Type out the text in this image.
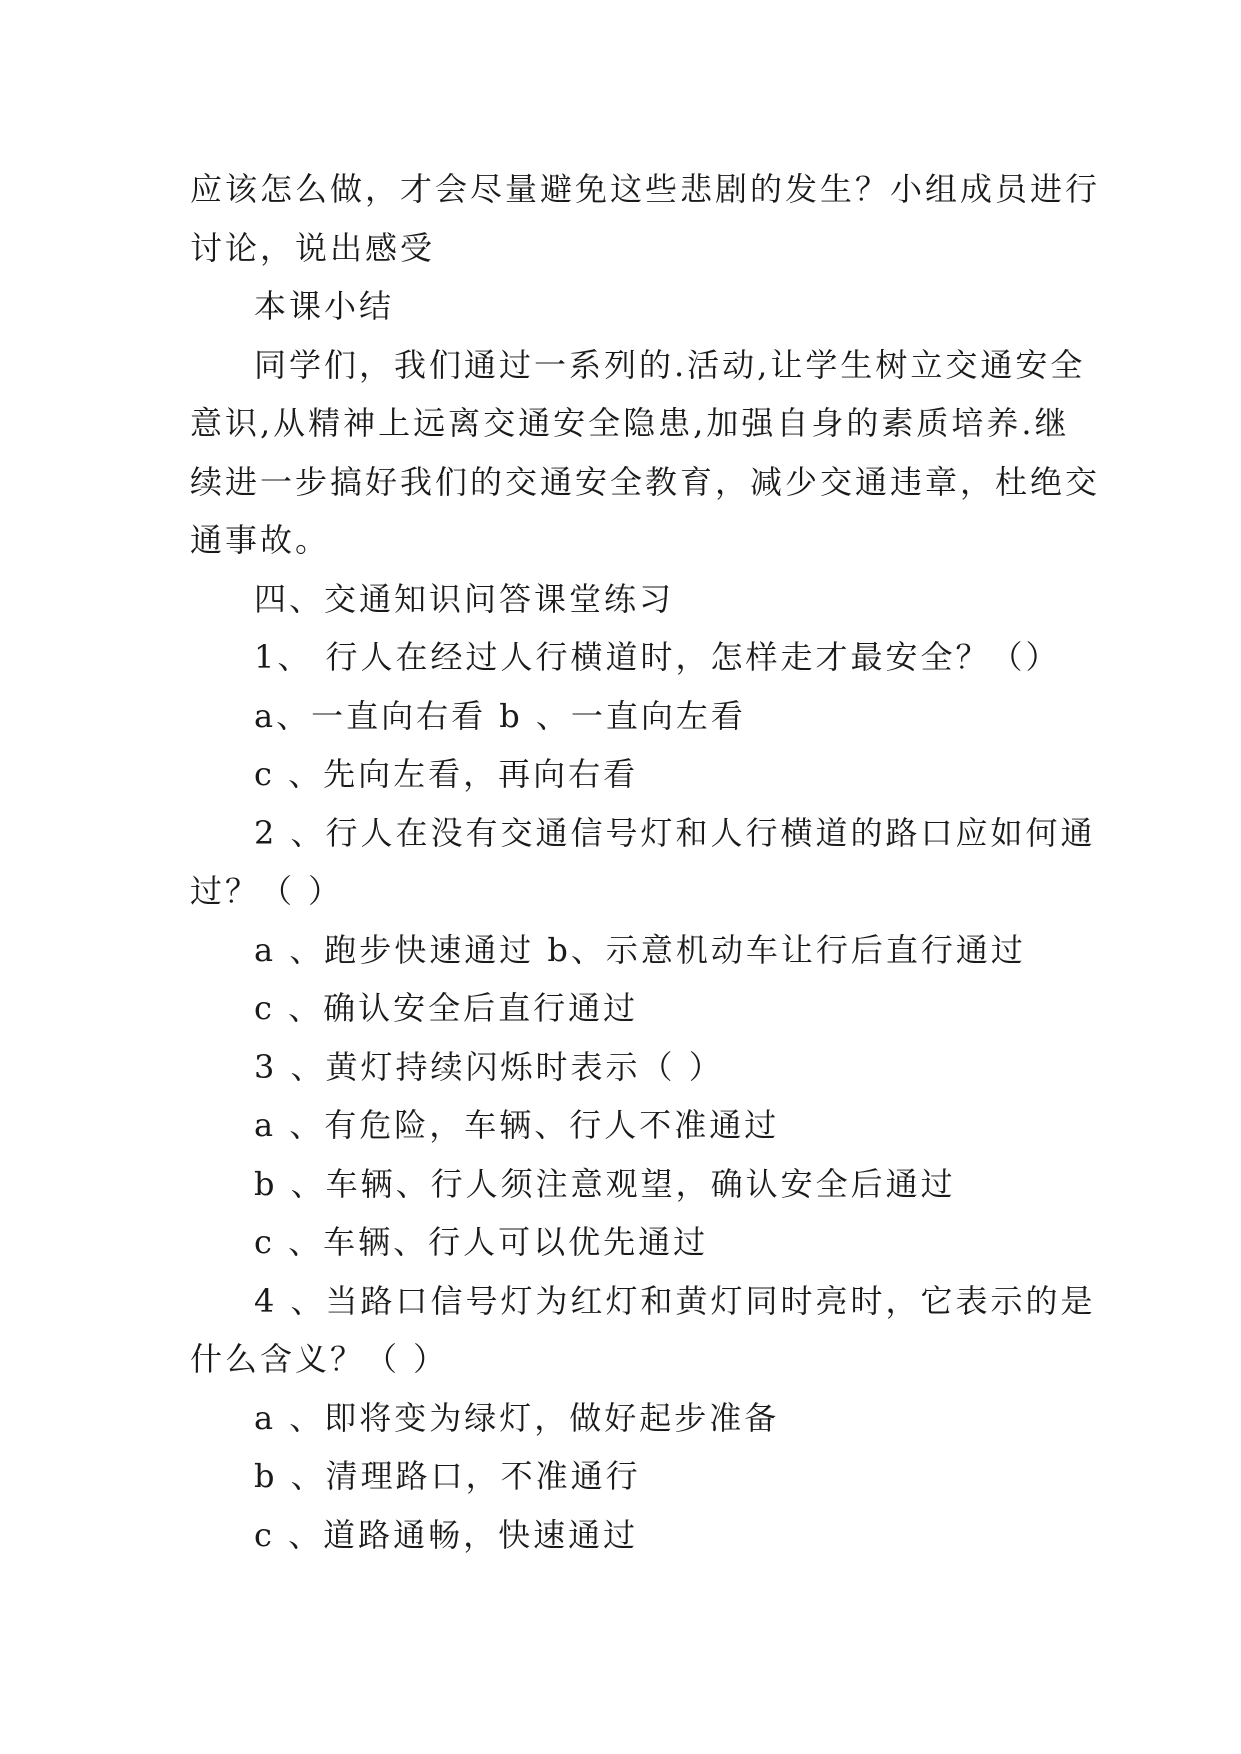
应该怎么做，才会尽量避免这些悲剧的发生？小组成员进行
讨论，说出感受
本课小结
同学们，我们通过一系列的.活动,让学生树立交通安全
意识,从精神上远离交通安全隐患,加强自身的素质培养.继
续进一步搞好我们的交通安全教育，减少交通违章，杜绝交
通事故。
四、交通知识问答课堂练习
1、 行人在经过人行横道时，怎样走才最安全？（）
a、一直向右看 b 、一直向左看
c 、先向左看，再向右看
2 、行人在没有交通信号灯和人行横道的路口应如何通
过？（ ）
a 、跑步快速通过 b、示意机动车让行后直行通过
c 、确认安全后直行通过
3 、黄灯持续闪烁时表示（ ）
a 、有危险，车辆、行人不准通过
b 、车辆、行人须注意观望，确认安全后通过
c 、车辆、行人可以优先通过
4 、当路口信号灯为红灯和黄灯同时亮时，它表示的是
什么含义？（ ）
a 、即将变为绿灯，做好起步准备
b 、清理路口，不准通行
c 、道路通畅，快速通过
